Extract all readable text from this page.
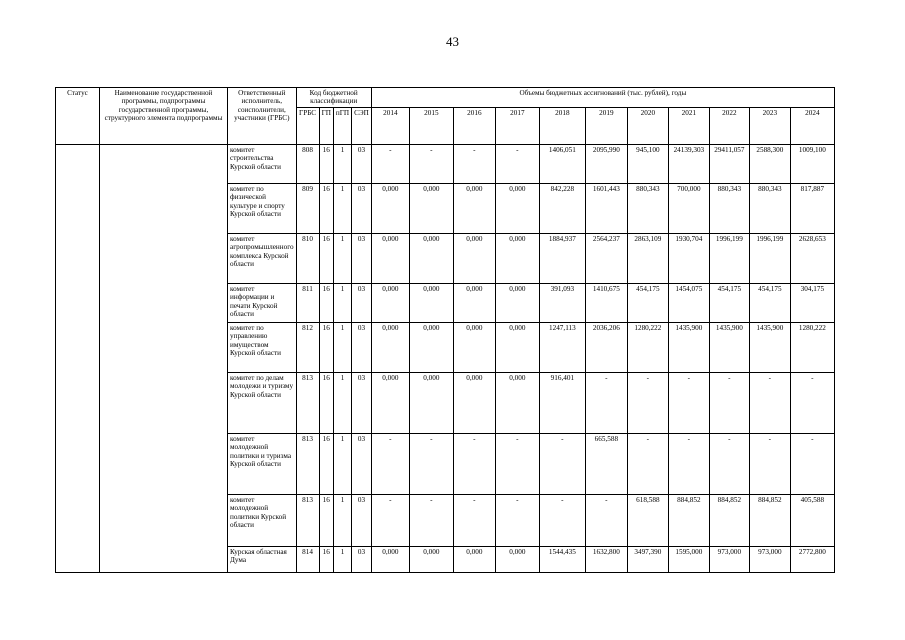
43
Статус	Наименование государственной программы, подпрограммы государственной программы, структурного элемента подпрограммы	Ответственный исполнитель, соисполнители, участники (ГРБС)	Код бюджетной классификации				Объемы бюджетных ассигнований (тыс. рублей), годы										
			ГРБС	ГП	пГП	СЭП	2014	2015	2016	2017	2018	2019	2020	2021	2022	2023	2024
		комитет строительства Курской области	808	16	1	03	-	-	-	-	1406,051	2095,990	945,100	24139,303	29411,057	2588,300	1009,100
		комитет по физической культуре и спорту Курской области	809	16	1	03	0,000	0,000	0,000	0,000	842,228	1601,443	880,343	700,000	880,343	880,343	817,887
		комитет агропромышленного комплекса Курской области	810	16	1	03	0,000	0,000	0,000	0,000	1884,937	2564,237	2863,109	1930,704	1996,199	1996,199	2628,653
		комитет информации и печати Курской области	811	16	1	03	0,000	0,000	0,000	0,000	391,093	1410,675	454,175	1454,075	454,175	454,175	304,175
		комитет по управлению имуществом Курской области	812	16	1	03	0,000	0,000	0,000	0,000	1247,113	2036,206	1280,222	1435,900	1435,900	1435,900	1280,222
		комитет по делам молодежи и туризму Курской области	813	16	1	03	0,000	0,000	0,000	0,000	916,401	-	-	-	-	-	-
		комитет молодежной политики и туризма Курской области	813	16	1	03	-	-	-	-	-	665,588	-	-	-	-	-
		комитет молодежной политики Курской области	813	16	1	03	-	-	-	-	-	-	618,588	884,852	884,852	884,852	405,588
		Курская областная Дума	814	16	1	03	0,000	0,000	0,000	0,000	1544,435	1632,800	3497,390	1595,000	973,000	973,000	2772,800
